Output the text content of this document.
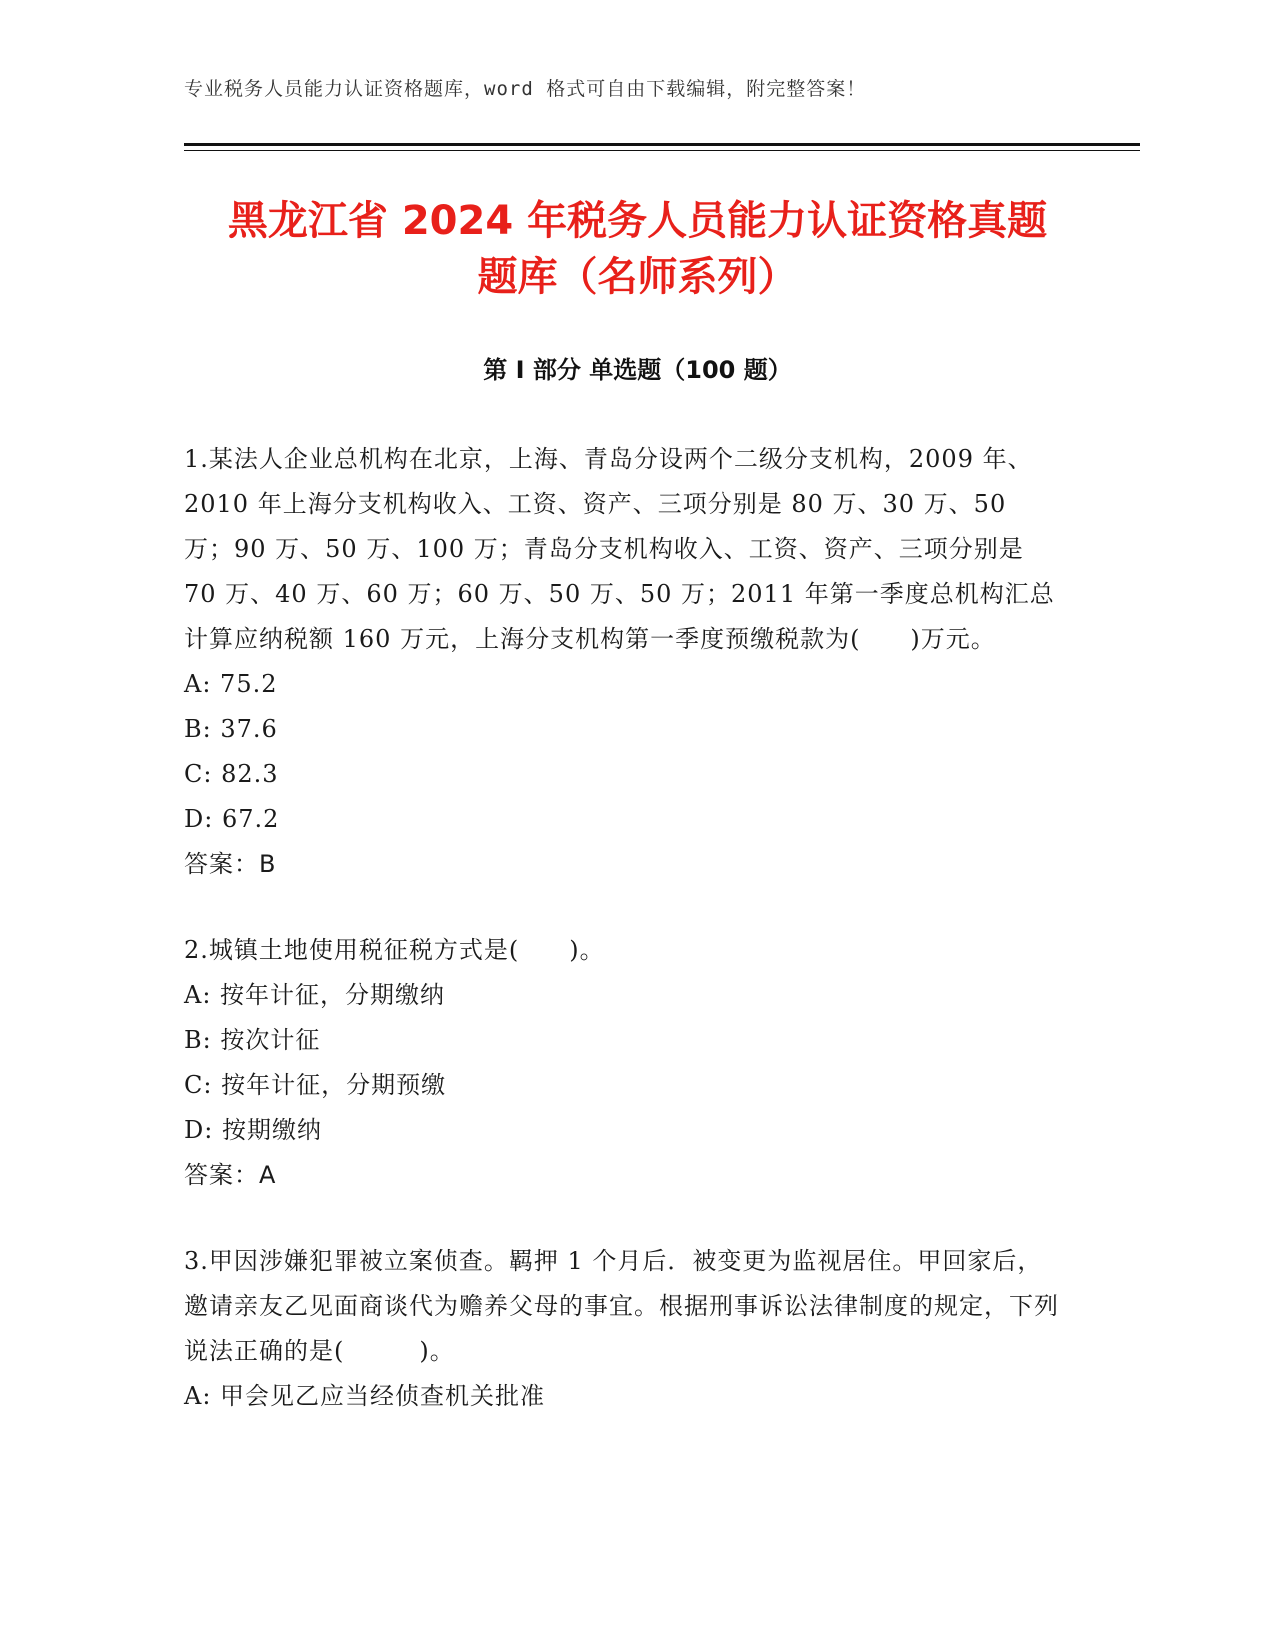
专业税务人员能力认证资格题库，word 格式可自由下载编辑，附完整答案！
黑龙江省 2024 年税务人员能力认证资格真题
题库（名师系列）
第 I 部分 单选题（100 题）

1.某法人企业总机构在北京，上海、青岛分设两个二级分支机构，2009 年、2010 年上海分支机构收入、工资、资产、三项分别是 80 万、30 万、50 万；90 万、50 万、100 万；青岛分支机构收入、工资、资产、三项分别是 70 万、40 万、60 万；60 万、50 万、50 万；2011 年第一季度总机构汇总计算应纳税额 160 万元，上海分支机构第一季度预缴税款为(　　)万元。

A: 75.2

B: 37.6

C: 82.3

D: 67.2

答案：B

2.城镇土地使用税征税方式是(　　)。

A: 按年计征，分期缴纳

B: 按次计征

C: 按年计征，分期预缴

D: 按期缴纳

答案：A

3.甲因涉嫌犯罪被立案侦查。羁押 1 个月后．被变更为监视居住。甲回家后，邀请亲友乙见面商谈代为赡养父母的事宜。根据刑事诉讼法律制度的规定，下列说法正确的是(　　　)。

A: 甲会见乙应当经侦查机关批准
